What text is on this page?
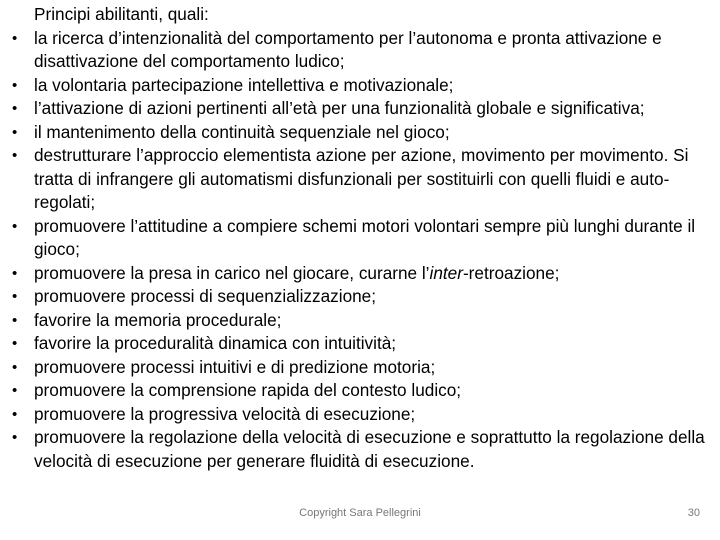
Principi abilitanti, quali:

• la ricerca d’intenzionalità del comportamento per l’autonoma e pronta attivazione e disattivazione del comportamento ludico;
• la volontaria partecipazione intellettiva e motivazionale;
• l’attivazione di azioni pertinenti all’età per una funzionalità globale e significativa;
• il mantenimento della continuità sequenziale nel gioco;
• destrutturare l’approccio elementista azione per azione, movimento per movimento. Si tratta di infrangere gli automatismi disfunzionali per sostituirli con quelli fluidi e auto-regolati;
• promuovere l’attitudine a compiere schemi motori volontari sempre più lunghi durante il gioco;
• promuovere la presa in carico nel giocare, curarne l’inter-retroazione;
• promuovere processi di sequenzializzazione;
• favorire la memoria procedurale;
• favorire la proceduralità dinamica con intuitività;
• promuovere processi intuitivi e di predizione motoria;
• promuovere la comprensione rapida del contesto ludico;
• promuovere la progressiva velocità di esecuzione;
• promuovere la regolazione della velocità di esecuzione e soprattutto la regolazione della velocità di esecuzione per generare fluidità di esecuzione.
Copyright Sara Pellegrini	30
